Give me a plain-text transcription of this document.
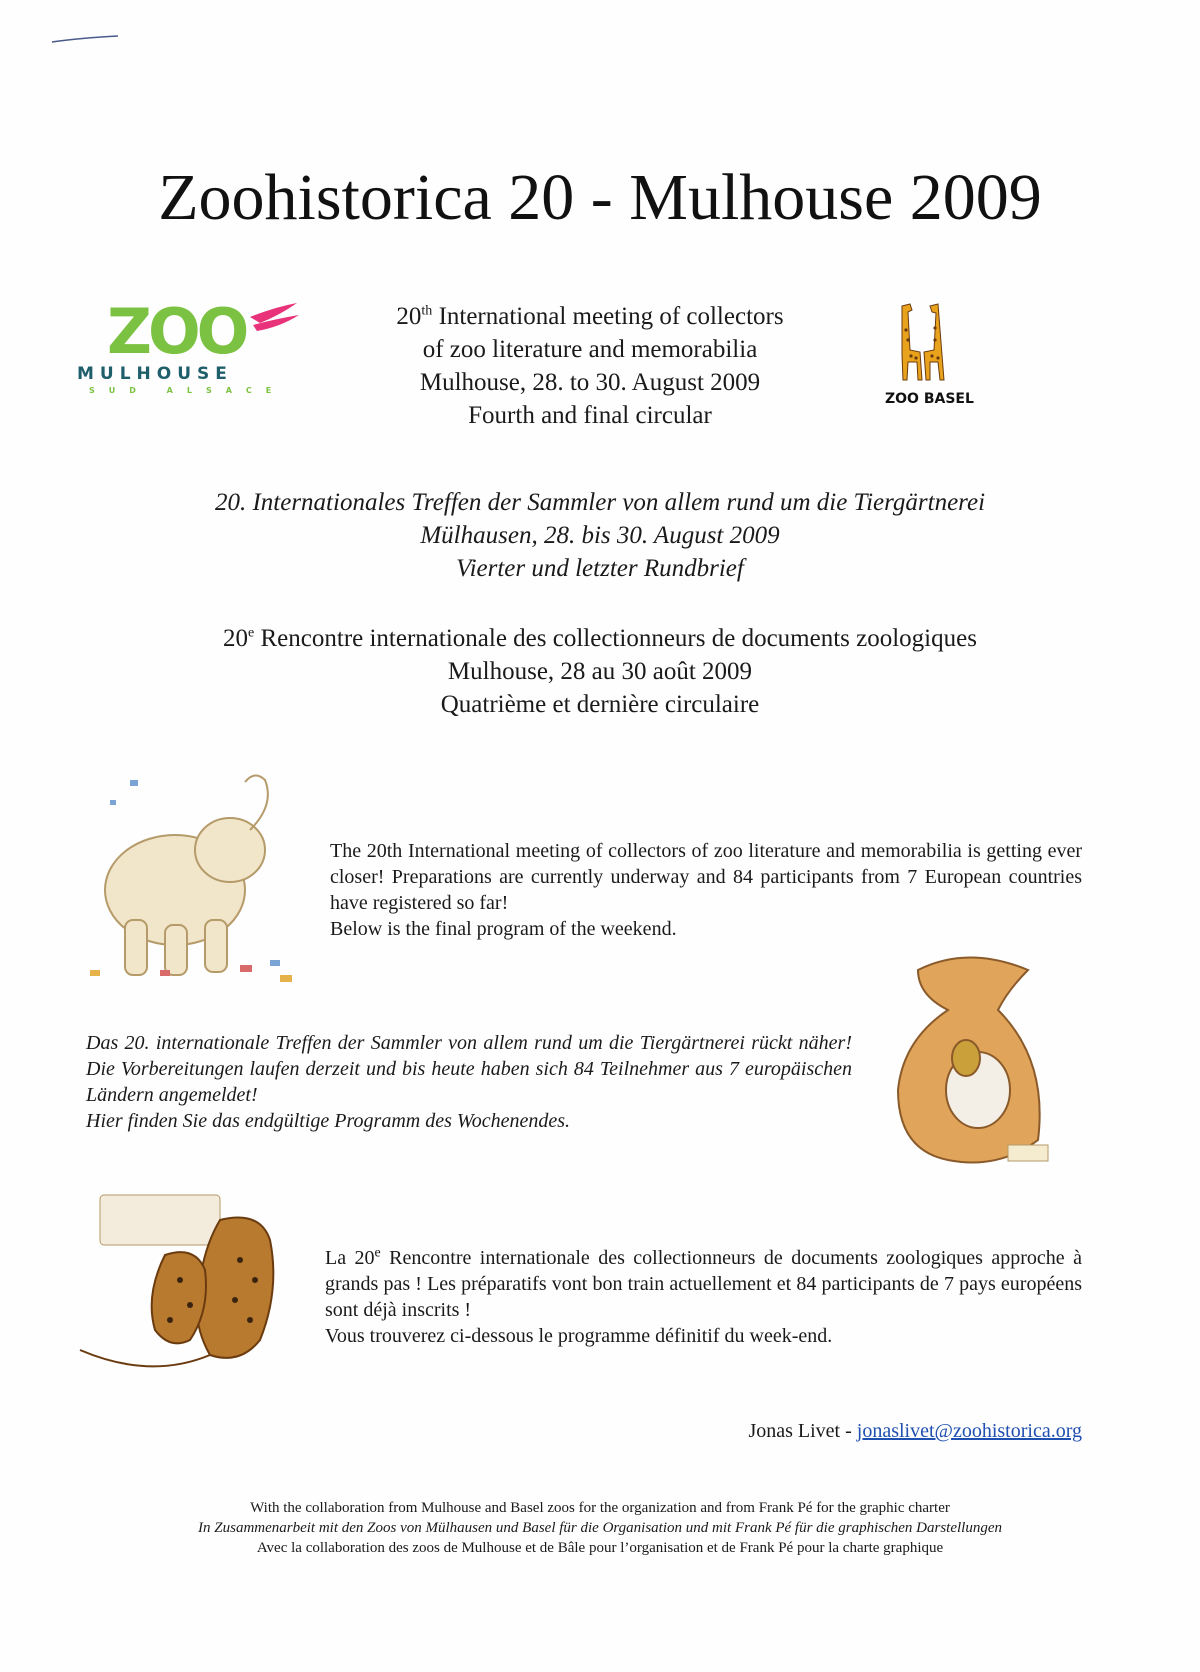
Zoohistorica 20 - Mulhouse 2009
ZOO
MULHOUSE
SUD ALSACE
ZOO BASEL
20th International meeting of collectors
of zoo literature and memorabilia
Mulhouse, 28. to 30. August 2009
Fourth and final circular
20. Internationales Treffen der Sammler von allem rund um die Tiergärtnerei
Mülhausen, 28. bis 30. August 2009
Vierter und letzter Rundbrief
20e Rencontre internationale des collectionneurs de documents zoologiques
Mulhouse, 28 au 30 août 2009
Quatrième et dernière circulaire
The 20th International meeting of collectors of zoo literature and memorabilia is getting ever closer! Preparations are currently underway and 84 participants from 7 European countries have registered so far!
Below is the final program of the weekend.
Das 20. internationale Treffen der Sammler von allem rund um die Tiergärtnerei rückt näher! Die Vorbereitungen laufen derzeit und bis heute haben sich 84 Teilnehmer aus 7 europäischen Ländern angemeldet!
Hier finden Sie das endgültige Programm des Wochenendes.
La 20e Rencontre internationale des collectionneurs de documents zoologiques approche à grands pas ! Les préparatifs vont bon train actuellement et 84 participants de 7 pays européens sont déjà inscrits !
Vous trouverez ci-dessous le programme définitif du week-end.
Jonas Livet - jonaslivet@zoohistorica.org
With the collaboration from Mulhouse and Basel zoos for the organization and from Frank Pé for the graphic charter
In Zusammenarbeit mit den Zoos von Mülhausen und Basel für die Organisation und mit Frank Pé für die graphischen Darstellungen
Avec la collaboration des zoos de Mulhouse et de Bâle pour l’organisation et de Frank Pé pour la charte graphique
